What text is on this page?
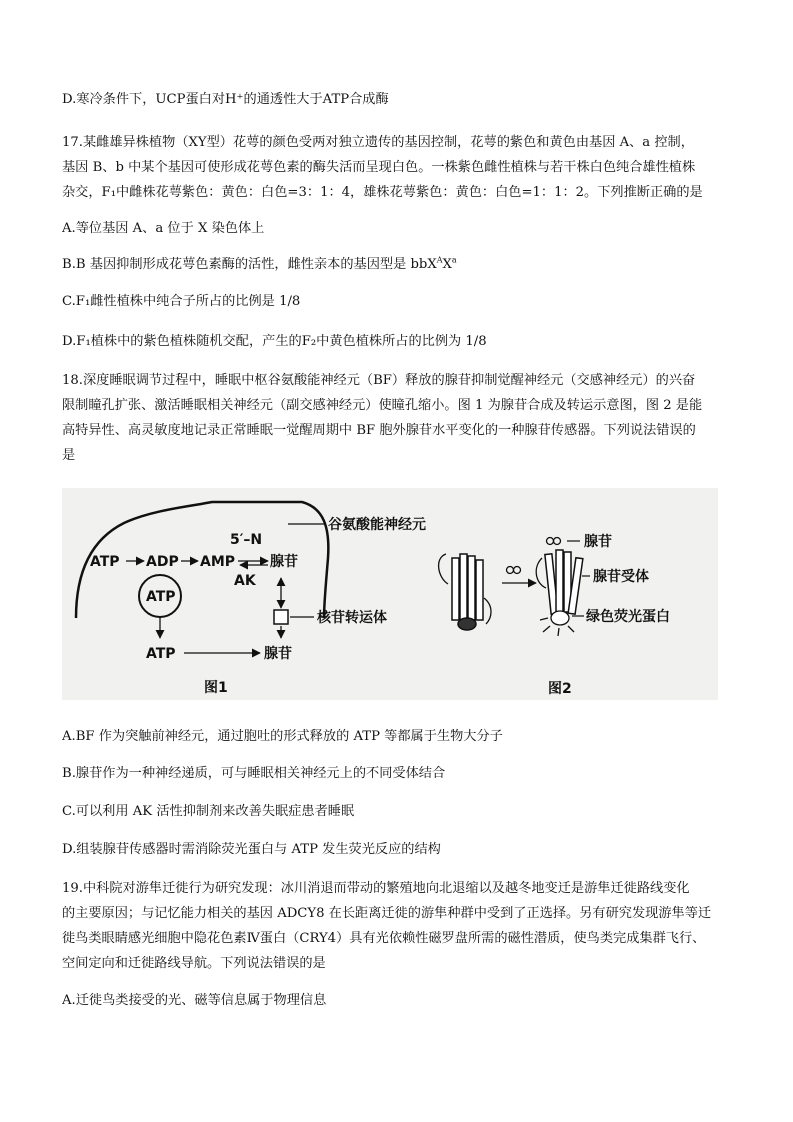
D.寒冷条件下，UCP蛋白对H⁺的通透性大于ATP合成酶
17.某雌雄异株植物（XY型）花萼的颜色受两对独立遗传的基因控制，花萼的紫色和黄色由基因 A、a 控制，
基因 B、b 中某个基因可使形成花萼色素的酶失活而呈现白色。一株紫色雌性植株与若干株白色纯合雄性植株
杂交，F₁中雌株花萼紫色：黄色：白色=3：1：4，雄株花萼紫色：黄色：白色=1：1：2。下列推断正确的是
A.等位基因 A、a 位于 X 染色体上
B.B 基因抑制形成花萼色素酶的活性，雌性亲本的基因型是 $bbX^AX^a$
C.F₁雌性植株中纯合子所占的比例是 1/8
D.F₁植株中的紫色植株随机交配，产生的F₂中黄色植株所占的比例为 1/8
18.深度睡眠调节过程中，睡眠中枢谷氨酸能神经元（BF）释放的腺苷抑制觉醒神经元（交感神经元）的兴奋
限制瞳孔扩张、激活睡眠相关神经元（副交感神经元）使瞳孔缩小。图 1 为腺苷合成及转运示意图，图 2 是能
高特异性、高灵敏度地记录正常睡眠一觉醒周期中 BF 胞外腺苷水平变化的一种腺苷传感器。下列说法错误的
是
谷氨酸能神经元
5′–N
ATP ADP AMP 腺苷
AK
ATP
核苷转运体
ATP	腺苷
图1
腺苷
腺苷受体
绿色荧光蛋白
图2
A.BF 作为突触前神经元，通过胞吐的形式释放的 ATP 等都属于生物大分子
B.腺苷作为一种神经递质，可与睡眠相关神经元上的不同受体结合
C.可以利用 AK 活性抑制剂来改善失眠症患者睡眠
D.组装腺苷传感器时需消除荧光蛋白与 ATP 发生荧光反应的结构
19.中科院对游隼迁徙行为研究发现：冰川消退而带动的繁殖地向北退缩以及越冬地变迁是游隼迁徙路线变化
的主要原因；与记忆能力相关的基因 ADCY8 在长距离迁徙的游隼种群中受到了正选择。另有研究发现游隼等迁
徙鸟类眼睛感光细胞中隐花色素Ⅳ蛋白（CRY4）具有光依赖性磁罗盘所需的磁性潜质，使鸟类完成集群飞行、
空间定向和迁徙路线导航。下列说法错误的是
A.迁徙鸟类接受的光、磁等信息属于物理信息
